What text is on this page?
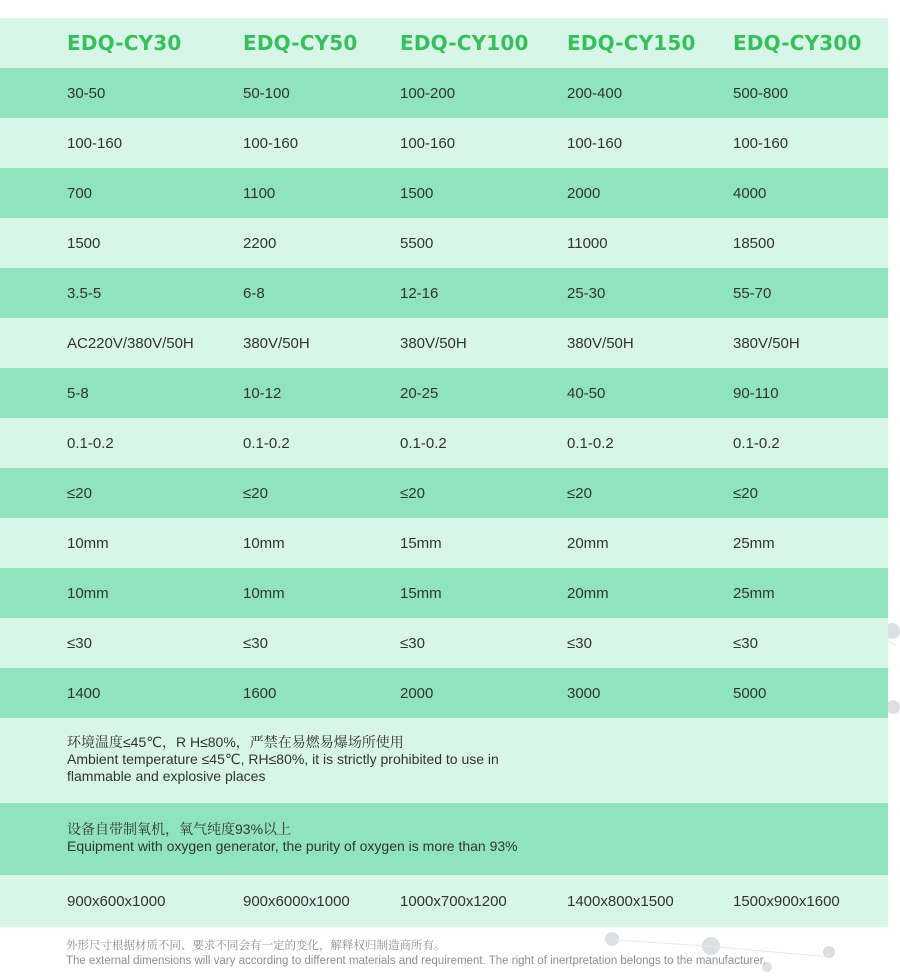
EDQ-CY30	EDQ-CY50 EDQ-CY100 EDQ-CY150 EDQ-CY300
30-50	50-100	100-200	200-400	500-800
100-160	100-160	100-160	100-160	100-160
700	1100	1500	2000	4000
1500	2200	5500	11000	18500
3.5-5	6-8	12-16	25-30	55-70
AC220V/380V/50H	380V/50H	380V/50H	380V/50H	380V/50H
5-8	10-12	20-25	40-50	90-110
0.1-0.2	0.1-0.2	0.1-0.2	0.1-0.2	0.1-0.2
≤20	≤20	≤20	≤20	≤20
10mm	10mm	15mm	20mm	25mm
10mm	10mm	15mm	20mm	25mm
≤30	≤30	≤30	≤30	≤30
1400	1600	2000	3000	5000
环境温度≤45℃，R H≤80%，严禁在易燃易爆场所使用
Ambient temperature ≤45℃, RH≤80%, it is strictly prohibited to use in
flammable and explosive places
设备自带制氧机，氧气纯度93%以上
Equipment with oxygen generator, the purity of oxygen is more than 93%
900x600x1000	900x6000x1000	1000x700x1200	1400x800x1500	1500x900x1600
外形尺寸根据材质不同、要求不同会有一定的变化，解释权归制造商所有。
The external dimensions will vary according to different materials and requirement. The right of inertpretation belongs to the manufacturer.
